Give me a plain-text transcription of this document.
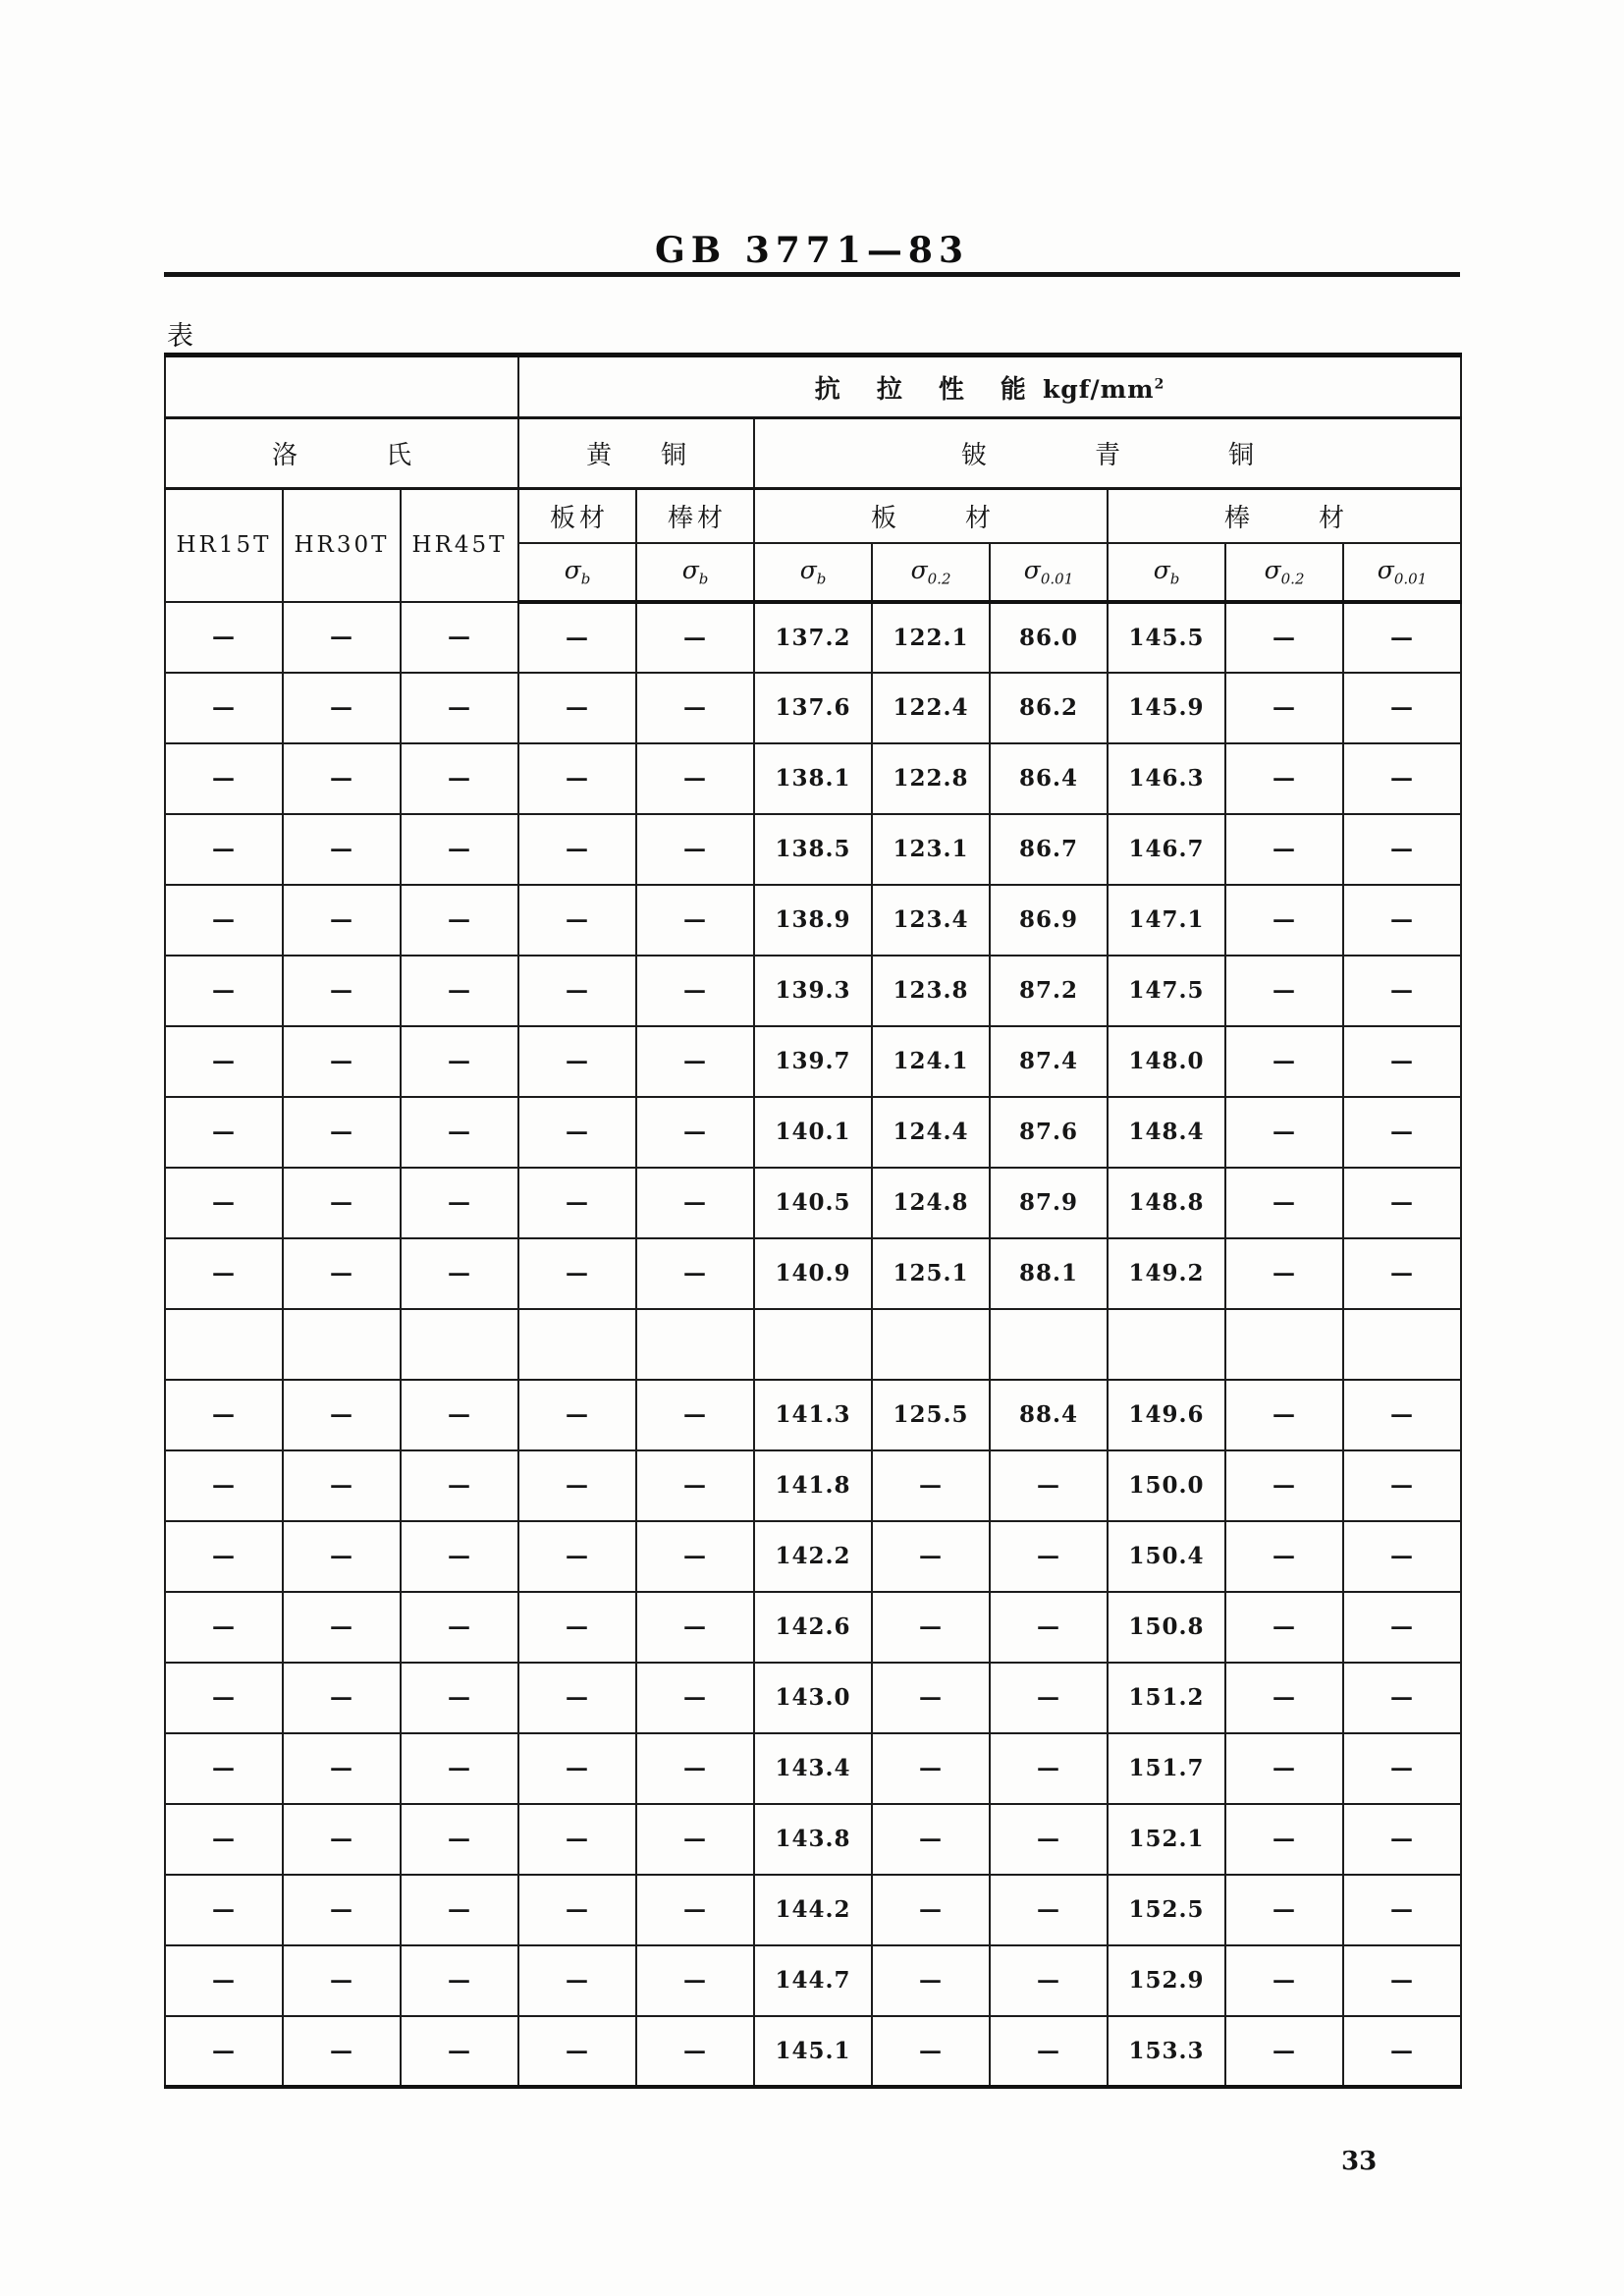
GB 3771—83
表
			抗 拉 性 能 kgf/$mm^2$
洛氏			黄铜		铍青铜					
HR15T	HR30T	HR45T	板材	棒材	板材			棒材		
			$\sigma_b$	$\sigma_b$	$\sigma_b$	$\sigma_{0.2}$	$\sigma_{0.01}$	$\sigma_b$	$\sigma_{0.2}$	$\sigma_{0.01}$
—	—	—	—	—	137.2	122.1	86.0	145.5	—	—
—	—	—	—	—	137.6	122.4	86.2	145.9	—	—
—	—	—	—	—	138.1	122.8	86.4	146.3	—	—
—	—	—	—	—	138.5	123.1	86.7	146.7	—	—
—	—	—	—	—	138.9	123.4	86.9	147.1	—	—
—	—	—	—	—	139.3	123.8	87.2	147.5	—	—
—	—	—	—	—	139.7	124.1	87.4	148.0	—	—
—	—	—	—	—	140.1	124.4	87.6	148.4	—	—
—	—	—	—	—	140.5	124.8	87.9	148.8	—	—
—	—	—	—	—	140.9	125.1	88.1	149.2	—	—

—	—	—	—	—	141.3	125.5	88.4	149.6	—	—
—	—	—	—	—	141.8	—	—	150.0	—	—
—	—	—	—	—	142.2	—	—	150.4	—	—
—	—	—	—	—	142.6	—	—	150.8	—	—
—	—	—	—	—	143.0	—	—	151.2	—	—
—	—	—	—	—	143.4	—	—	151.7	—	—
—	—	—	—	—	143.8	—	—	152.1	—	—
—	—	—	—	—	144.2	—	—	152.5	—	—
—	—	—	—	—	144.7	—	—	152.9	—	—
—	—	—	—	—	145.1	—	—	153.3	—	—
33
